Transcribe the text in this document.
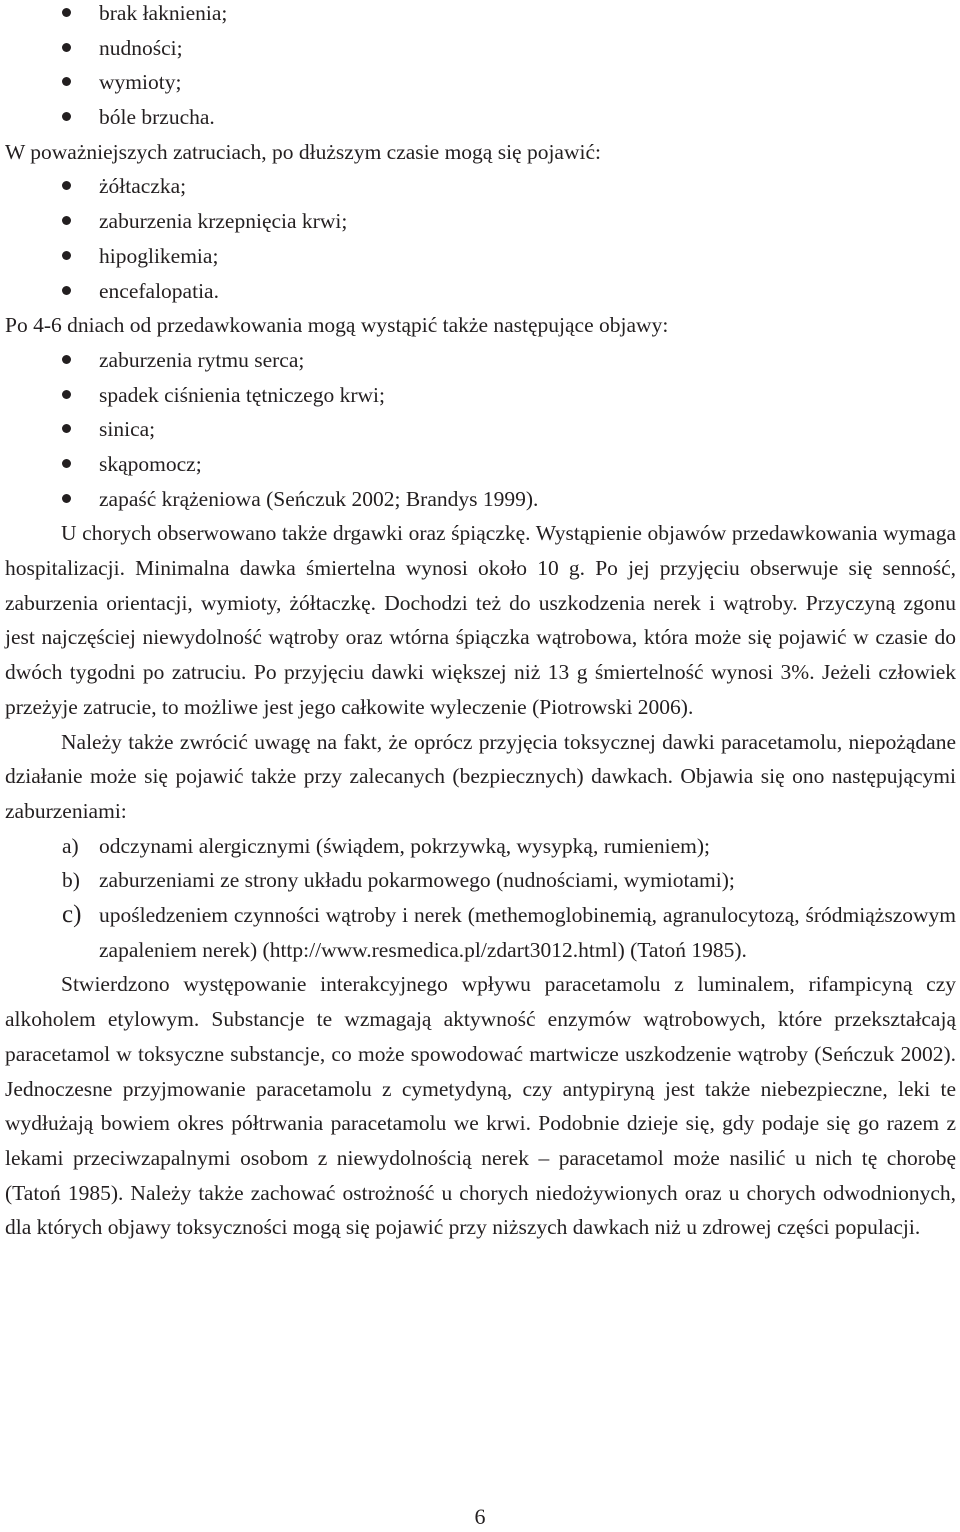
brak łaknienia;
nudności;
wymioty;
bóle brzucha.
W poważniejszych zatruciach, po dłuższym czasie mogą się pojawić:
żółtaczka;
zaburzenia krzepnięcia krwi;
hipoglikemia;
encefalopatia.
Po 4-6 dniach od przedawkowania mogą wystąpić także następujące objawy:
zaburzenia rytmu serca;
spadek ciśnienia tętniczego krwi;
sinica;
skąpomocz;
zapaść krążeniowa (Seńczuk 2002; Brandys 1999).

U chorych obserwowano także drgawki oraz śpiączkę. Wystąpienie objawów przedawkowania wymaga hospitalizacji. Minimalna dawka śmiertelna wynosi około 10 g. Po jej przyjęciu obserwuje się senność, zaburzenia orientacji, wymioty, żółtaczkę. Dochodzi też do uszkodzenia nerek i wątroby. Przyczyną zgonu jest najczęściej niewydolność wątroby oraz wtórna śpiączka wątrobowa, która może się pojawić w czasie do dwóch tygodni po zatruciu. Po przyjęciu dawki większej niż 13 g śmiertelność wynosi 3%. Jeżeli człowiek przeżyje zatrucie, to możliwe jest jego całkowite wyleczenie (Piotrowski 2006).

Należy także zwrócić uwagę na fakt, że oprócz przyjęcia toksycznej dawki paracetamolu, niepożądane działanie może się pojawić także przy zalecanych (bezpiecznych) dawkach. Objawia się ono następującymi zaburzeniami:

a) odczynami alergicznymi (świądem, pokrzywką, wysypką, rumieniem);
b) zaburzeniami ze strony układu pokarmowego (nudnościami, wymiotami);
c) upośledzeniem czynności wątroby i nerek (methemoglobinemią, agranulocytozą, śródmiąższowym zapaleniem nerek) (http://www.resmedica.pl/zdart3012.html) (Tatoń 1985).

Stwierdzono występowanie interakcyjnego wpływu paracetamolu z luminalem, rifampicyną czy alkoholem etylowym. Substancje te wzmagają aktywność enzymów wątrobowych, które przekształcają paracetamol w toksyczne substancje, co może spowodować martwicze uszkodzenie wątroby (Seńczuk 2002). Jednoczesne przyjmowanie paracetamolu z cymetydyną, czy antypiryną jest także niebezpieczne, leki te wydłużają bowiem okres półtrwania paracetamolu we krwi. Podobnie dzieje się, gdy podaje się go razem z lekami przeciwzapalnymi osobom z niewydolnością nerek – paracetamol może nasilić u nich tę chorobę (Tatoń 1985). Należy także zachować ostrożność u chorych niedożywionych oraz u chorych odwodnionych, dla których objawy toksyczności mogą się pojawić przy niższych dawkach niż u zdrowej części populacji.

6
